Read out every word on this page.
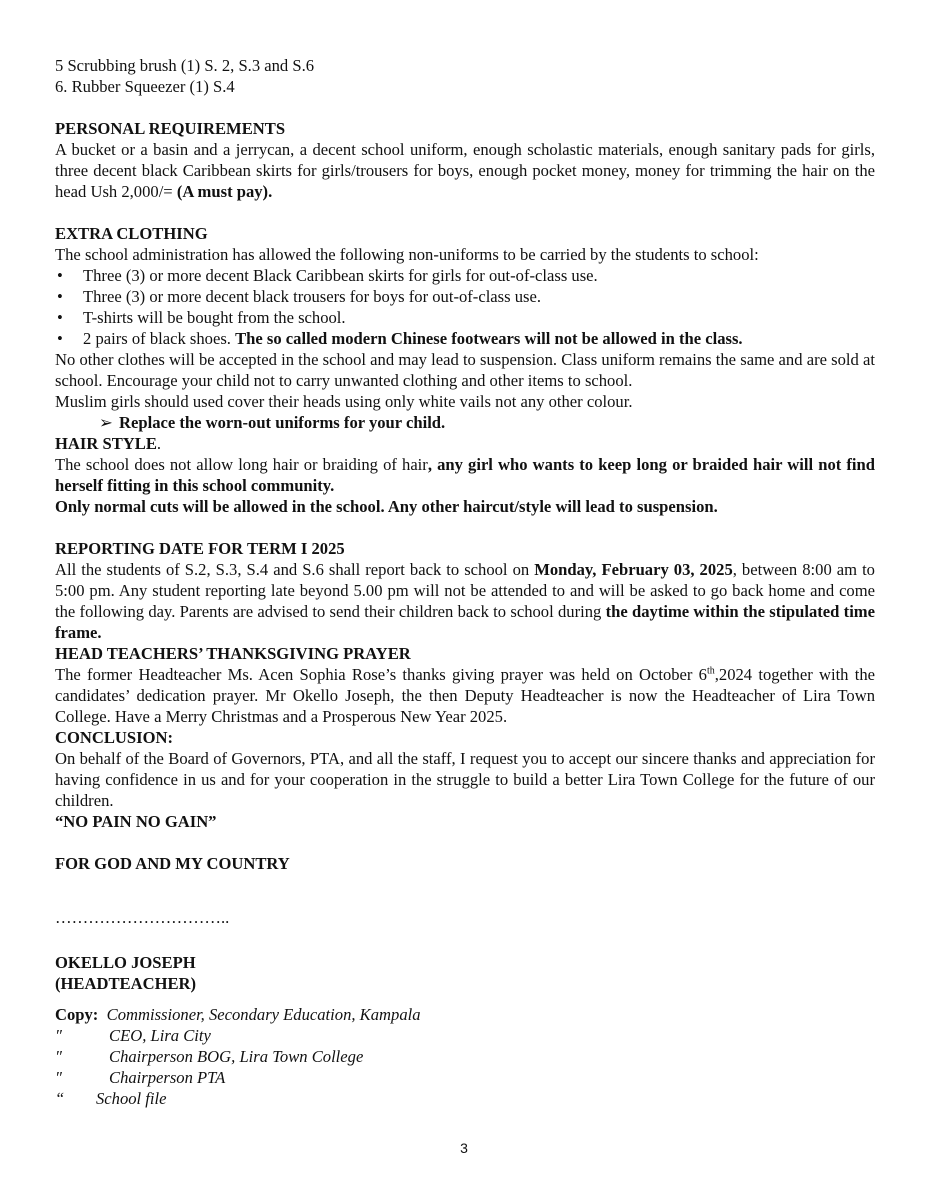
5 Scrubbing brush (1) S. 2, S.3 and S.6

6. Rubber Squeezer (1) S.4

PERSONAL REQUIREMENTS

A bucket or a basin and a jerrycan, a decent school uniform, enough scholastic materials, enough sanitary pads for girls, three decent black Caribbean skirts for girls/trousers for boys, enough pocket money, money for trimming the hair on the head Ush 2,000/= (A must pay).

EXTRA CLOTHING

The school administration has allowed the following non-uniforms to be carried by the students to school:

• Three (3) or more decent Black Caribbean skirts for girls for out-of-class use.

• Three (3) or more decent black trousers for boys for out-of-class use.

• T-shirts will be bought from the school.

• 2 pairs of black shoes. The so called modern Chinese footwears will not be allowed in the class.

No other clothes will be accepted in the school and may lead to suspension. Class uniform remains the same and are sold at school. Encourage your child not to carry unwanted clothing and other items to school.

Muslim girls should used cover their heads using only white vails not any other colour.

➢ Replace the worn-out uniforms for your child.

HAIR STYLE.

The school does not allow long hair or braiding of hair, any girl who wants to keep long or braided hair will not find herself fitting in this school community.

Only normal cuts will be allowed in the school. Any other haircut/style will lead to suspension.

REPORTING DATE FOR TERM I 2025

All the students of S.2, S.3, S.4 and S.6 shall report back to school on Monday, February 03, 2025, between 8:00 am to 5:00 pm. Any student reporting late beyond 5.00 pm will not be attended to and will be asked to go back home and come the following day. Parents are advised to send their children back to school during the daytime within the stipulated time frame.

HEAD TEACHERS’ THANKSGIVING PRAYER

The former Headteacher Ms. Acen Sophia Rose’s thanks giving prayer was held on October 6th,2024 together with the candidates’ dedication prayer. Mr Okello Joseph, the then Deputy Headteacher is now the Headteacher of Lira Town College. Have a Merry Christmas and a Prosperous New Year 2025.

CONCLUSION:

On behalf of the Board of Governors, PTA, and all the staff, I request you to accept our sincere thanks and appreciation for having confidence in us and for your cooperation in the struggle to build a better Lira Town College for the future of our children.

“NO PAIN NO GAIN”

FOR GOD AND MY COUNTRY

…………………………..

OKELLO JOSEPH

(HEADTEACHER)

Copy: Commissioner, Secondary Education, Kampala

″	CEO, Lira City

″	Chairperson BOG, Lira Town College

″	Chairperson PTA

“ School file

3
